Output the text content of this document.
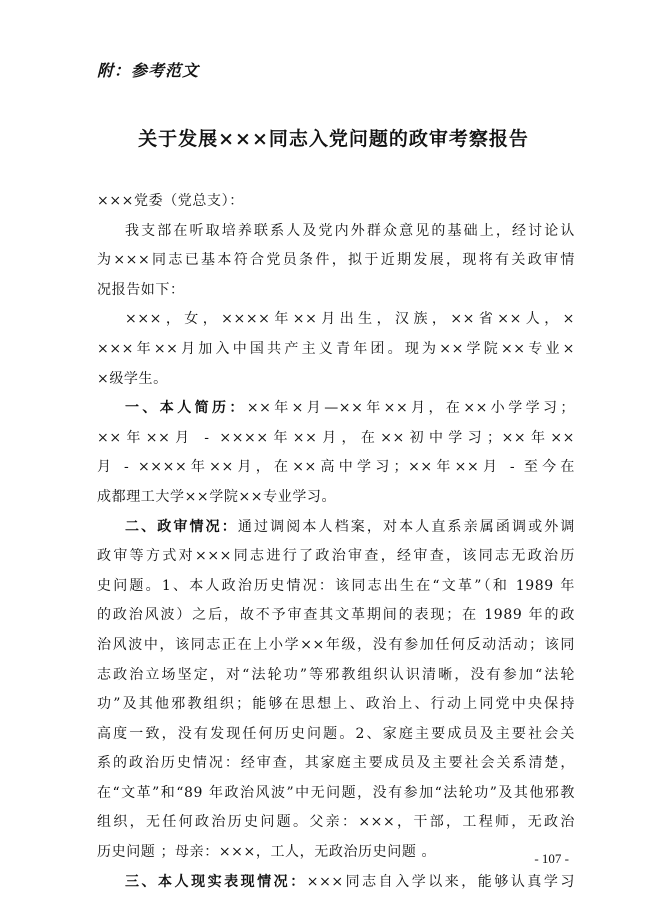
附：参考范文
关于发展×××同志入党问题的政审考察报告
×××党委（党总支）：
我支部在听取培养联系人及党内外群众意见的基础上，经讨论认
为×××同志已基本符合党员条件，拟于近期发展，现将有关政审情
况报告如下：
×××，女，××××年××月出生，汉族，××省××人，×
×××年××月加入中国共产主义青年团。现为××学院××专业×
×级学生。
一、本人简历：××年×月—××年××月，在××小学学习；
××年××月 - ××××年××月，在××初中学习；××年××
月 - ××××年××月，在××高中学习；××年××月 - 至今在
成都理工大学××学院××专业学习。
二、政审情况：通过调阅本人档案，对本人直系亲属函调或外调
政审等方式对×××同志进行了政治审查，经审查，该同志无政治历
史问题。1、本人政治历史情况：该同志出生在“文革”（和 1989 年
的政治风波）之后，故不予审查其文革期间的表现；在 1989 年的政
治风波中，该同志正在上小学××年级，没有参加任何反动活动；该同
志政治立场坚定，对“法轮功”等邪教组织认识清晰，没有参加“法轮
功”及其他邪教组织；能够在思想上、政治上、行动上同党中央保持
高度一致，没有发现任何历史问题。2、家庭主要成员及主要社会关
系的政治历史情况：经审查，其家庭主要成员及主要社会关系清楚，
在“文革”和“89 年政治风波”中无问题，没有参加“法轮功”及其他邪教
组织，无任何政治历史问题。父亲：×××，干部，工程师，无政治
历史问题 ；母亲：×××，工人，无政治历史问题 。
三、本人现实表现情况：×××同志自入学以来，能够认真学习
- 107 -
